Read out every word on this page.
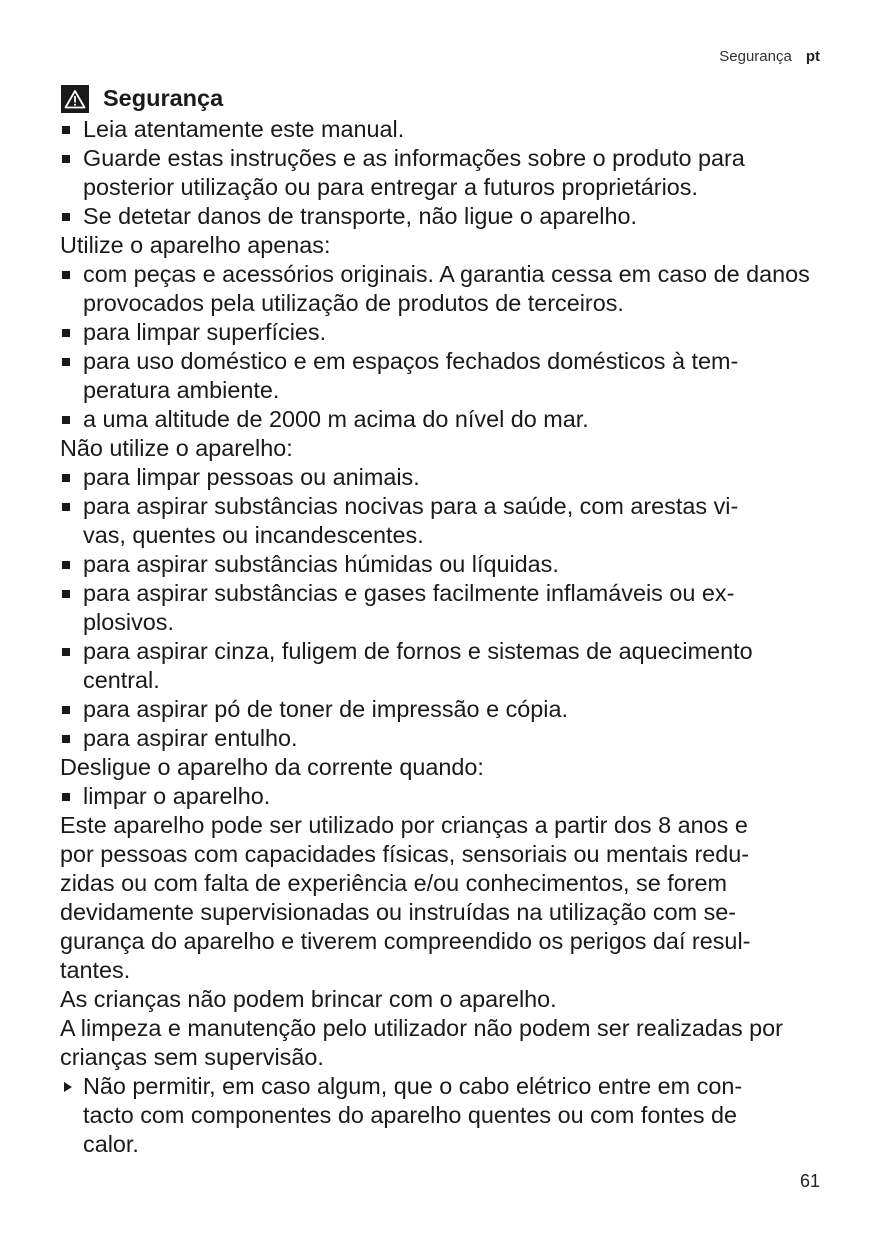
Segurança pt
Segurança
Leia atentamente este manual.
Guarde estas instruções e as informações sobre o produto para posterior utilização ou para entregar a futuros proprietários.
Se detetar danos de transporte, não ligue o aparelho.

Utilize o aparelho apenas:

com peças e acessórios originais. A garantia cessa em caso de danos provocados pela utilização de produtos de terceiros.
para limpar superfícies.
para uso doméstico e em espaços fechados domésticos à tem-
peratura ambiente.
a uma altitude de 2000 m acima do nível do mar.

Não utilize o aparelho:

para limpar pessoas ou animais.
para aspirar substâncias nocivas para a saúde, com arestas vi-
vas, quentes ou incandescentes.
para aspirar substâncias húmidas ou líquidas.
para aspirar substâncias e gases facilmente inflamáveis ou ex-
plosivos.
para aspirar cinza, fuligem de fornos e sistemas de aquecimento central.
para aspirar pó de toner de impressão e cópia.
para aspirar entulho.

Desligue o aparelho da corrente quando:

limpar o aparelho.

Este aparelho pode ser utilizado por crianças a partir dos 8 anos e
por pessoas com capacidades físicas, sensoriais ou mentais redu-
zidas ou com falta de experiência e/ou conhecimentos, se forem
devidamente supervisionadas ou instruídas na utilização com se-
gurança do aparelho e tiverem compreendido os perigos daí resul-
tantes.

As crianças não podem brincar com o aparelho.

A limpeza e manutenção pelo utilizador não podem ser realizadas por crianças sem supervisão.

Não permitir, em caso algum, que o cabo elétrico entre em con-
tacto com componentes do aparelho quentes ou com fontes de
calor.
61
